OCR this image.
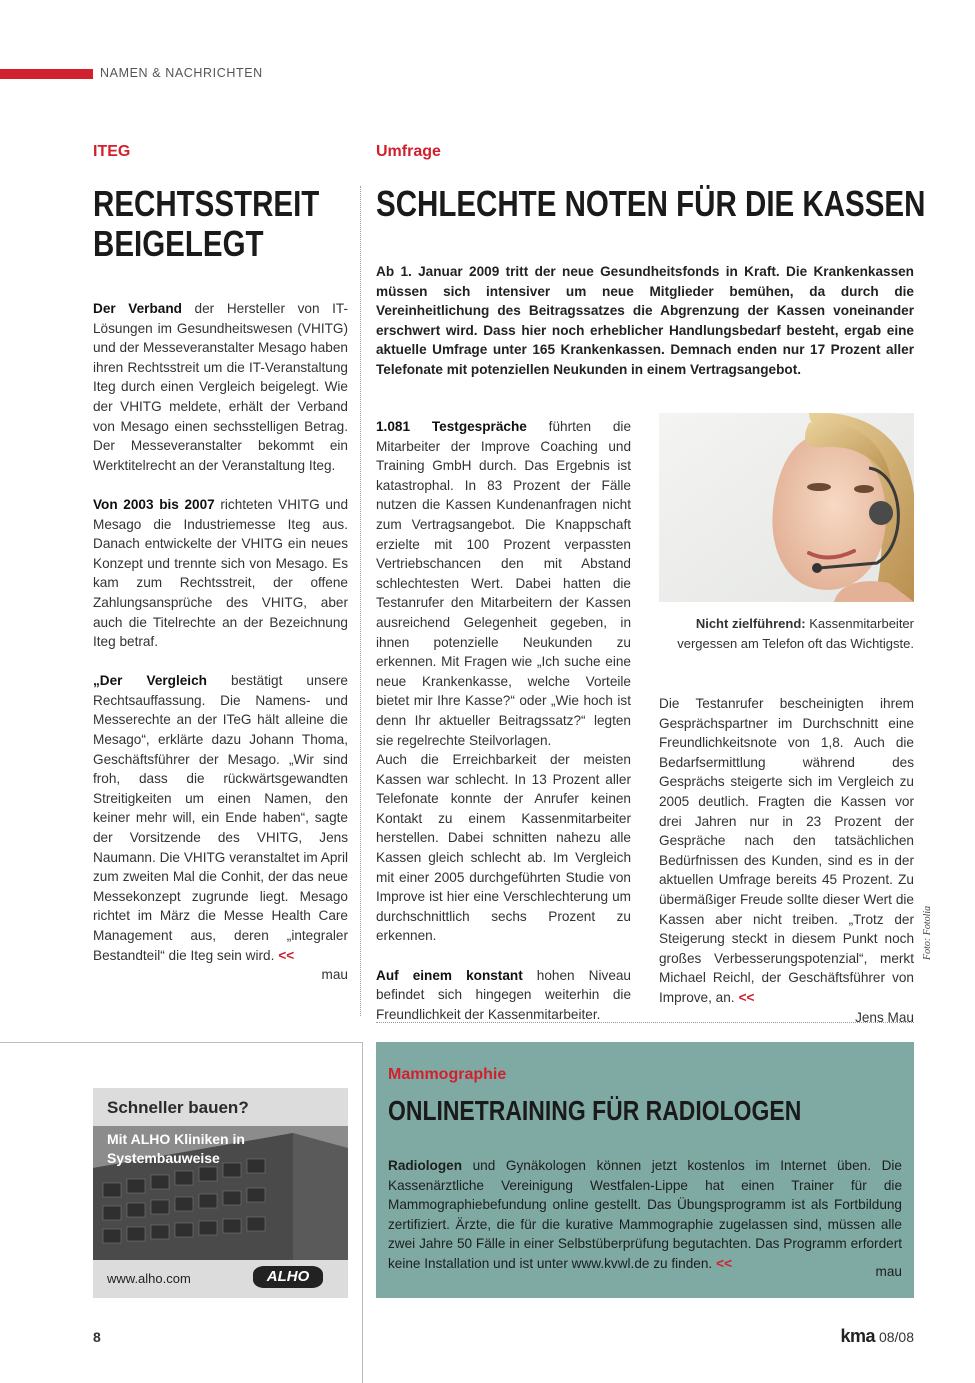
NAMEN & NACHRICHTEN
ITEG
RECHTSSTREIT
BEIGELEGT

Der Verband der Hersteller von IT-Lösungen im Gesundheitswesen (VHITG) und der Messeveranstalter Mesago haben ihren Rechtsstreit um die IT-Veranstaltung Iteg durch einen Vergleich beigelegt. Wie der VHITG meldete, erhält der Verband von Mesago einen sechsstelligen Betrag. Der Messeveranstalter bekommt ein Werktitelrecht an der Veranstaltung Iteg.

Von 2003 bis 2007 richteten VHITG und Mesago die Industriemesse Iteg aus. Danach entwickelte der VHITG ein neues Konzept und trennte sich von Mesago. Es kam zum Rechtsstreit, der offene Zahlungsansprüche des VHITG, aber auch die Titelrechte an der Bezeichnung Iteg betraf.

„Der Vergleich bestätigt unsere Rechtsauffassung. Die Namens- und Messerechte an der ITeG hält alleine die Mesago“, erklärte dazu Johann Thoma, Geschäftsführer der Mesago. „Wir sind froh, dass die rückwärtsgewandten Streitigkeiten um einen Namen, den keiner mehr will, ein Ende haben“, sagte der Vorsitzende des VHITG, Jens Naumann. Die VHITG veranstaltet im April zum zweiten Mal die Conhit, der das neue Messekonzept zugrunde liegt. Mesago richtet im März die Messe Health Care Management aus, deren „integraler Bestandteil“ die Iteg sein wird. <<

mau
Umfrage
SCHLECHTE NOTEN FÜR DIE KASSEN
Ab 1. Januar 2009 tritt der neue Gesundheitsfonds in Kraft. Die Krankenkassen müssen sich intensiver um neue Mitglieder bemühen, da durch die Vereinheitlichung des Beitragssatzes die Abgrenzung der Kassen voneinander erschwert wird. Dass hier noch erheblicher Handlungsbedarf besteht, ergab eine aktuelle Umfrage unter 165 Krankenkassen. Demnach enden nur 17 Prozent aller Telefonate mit potenziellen Neukunden in einem Vertragsangebot.

1.081 Testgespräche führten die Mitarbeiter der Improve Coaching und Training GmbH durch. Das Ergebnis ist katastrophal. In 83 Prozent der Fälle nutzen die Kassen Kundenanfragen nicht zum Vertragsangebot. Die Knappschaft erzielte mit 100 Prozent verpassten Vertriebschancen den mit Abstand schlechtesten Wert. Dabei hatten die Testanrufer den Mitarbeitern der Kassen ausreichend Gelegenheit gegeben, in ihnen potenzielle Neukunden zu erkennen. Mit Fragen wie „Ich suche eine neue Krankenkasse, welche Vorteile bietet mir Ihre Kasse?“ oder „Wie hoch ist denn Ihr aktueller Beitragssatz?“ legten sie regelrechte Steilvorlagen.

Auch die Erreichbarkeit der meisten Kassen war schlecht. In 13 Prozent aller Telefonate konnte der Anrufer keinen Kontakt zu einem Kassenmitarbeiter herstellen. Dabei schnitten nahezu alle Kassen gleich schlecht ab. Im Vergleich mit einer 2005 durchgeführten Studie von Improve ist hier eine Verschlechterung um durchschnittlich sechs Prozent zu erkennen.

Auf einem konstant hohen Niveau befindet sich hingegen weiterhin die Freundlichkeit der Kassenmitarbeiter.

Nicht zielführend: Kassenmitarbeiter vergessen am Telefon oft das Wichtigste.
Foto: Fotolia

Die Testanrufer bescheinigten ihrem Gesprächspartner im Durchschnitt eine Freundlichkeitsnote von 1,8. Auch die Bedarfsermittlung während des Gesprächs steigerte sich im Vergleich zu 2005 deutlich. Fragten die Kassen vor drei Jahren nur in 23 Prozent der Gespräche nach den tatsächlichen Bedürfnissen des Kunden, sind es in der aktuellen Umfrage bereits 45 Prozent. Zu übermäßiger Freude sollte dieser Wert die Kassen aber nicht treiben. „Trotz der Steigerung steckt in diesem Punkt noch großes Verbesserungspotenzial“, merkt Michael Reichl, der Geschäftsführer von Improve, an. <<

Jens Mau
Schneller bauen?
Mit ALHO Kliniken in
Systembauweise
www.alho.com	ALHO
Mammographie
ONLINETRAINING FÜR RADIOLOGEN
Radiologen und Gynäkologen können jetzt kostenlos im Internet üben. Die Kassenärztliche Vereinigung Westfalen-Lippe hat einen Trainer für die Mammographiebefundung online gestellt. Das Übungsprogramm ist als Fortbildung zertifiziert. Ärzte, die für die kurative Mammographie zugelassen sind, müssen alle zwei Jahre 50 Fälle in einer Selbstüberprüfung begutachten. Das Programm erfordert keine Installation und ist unter www.kvwl.de zu finden. <<
mau
8	kma 08/08
